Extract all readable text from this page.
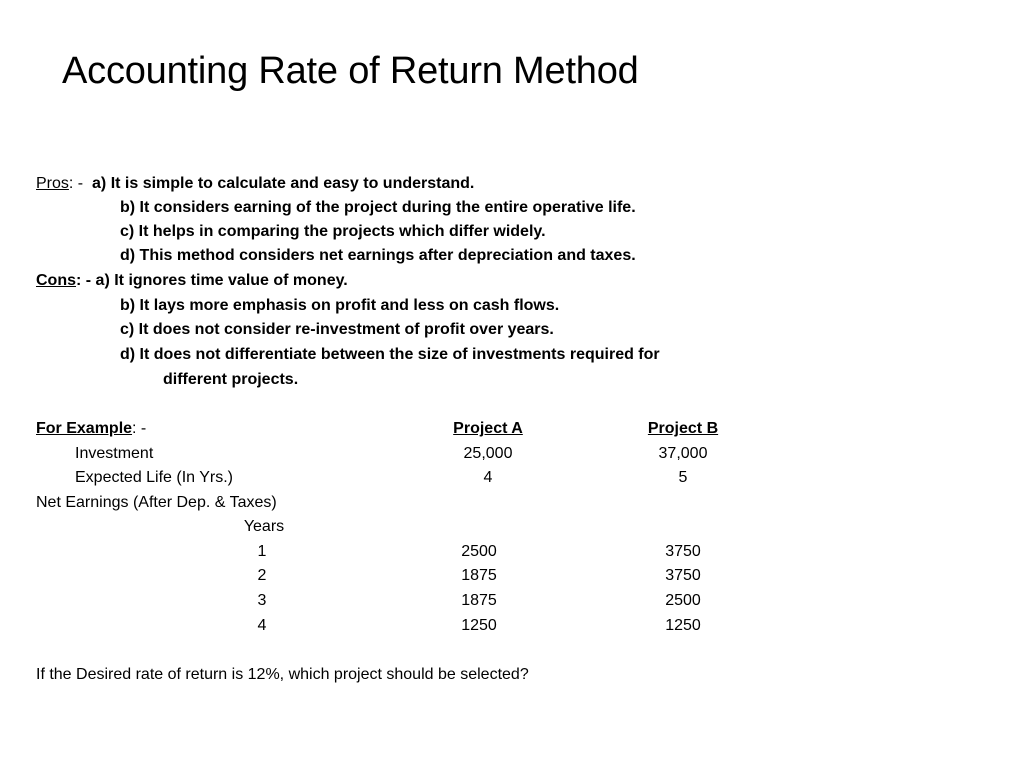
Accounting Rate of Return Method
Pros: -  a) It is simple to calculate and easy to understand.
b) It considers earning of the project during the entire operative life.
c) It helps in comparing the projects which differ widely.
d) This method considers net earnings after depreciation and taxes.
Cons: - a) It ignores time value of money.
b) It lays more emphasis on profit and less on cash flows.
c) It does not consider re-investment of profit over years.
d) It does not differentiate between the size of investments required for
different projects.
For Example: -	Project A	Project B
Investment	25,000	37,000
Expected Life (In Yrs.)	4	5
Net Earnings (After Dep. & Taxes)
Years
1	2500	3750
2	1875	3750
3	1875	2500
4	1250	1250
If the Desired rate of return is 12%, which project should be selected?
